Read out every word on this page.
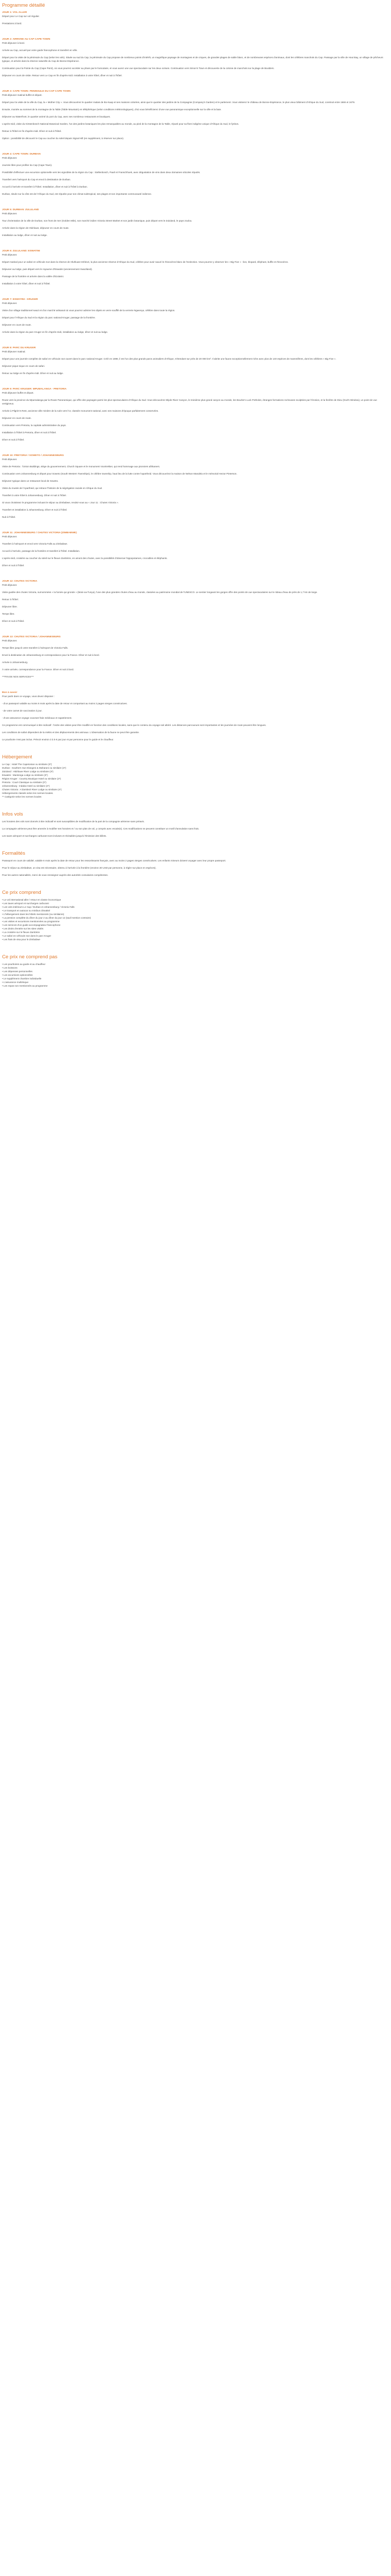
Programme détaillé
JOUR 1: VOL ALLER

Départ pour Le Cap sur vol régulier.

Prestations à bord.

JOUR 2: ARRIVEE AU CAP CAPE TOWN

Petit déjeuner à bord.

Arrivée au Cap, accueil par votre guide francophone et transfert en ville.

Départ pour la visite de la péninsule du Cap (selon les vols). Située au sud du Cap, la péninsule du Cap propose de nombreux points d'intérêt, un magnifique paysage de montagnes et de criques, de grandes plages de sable blanc, et de nombreuses espèces d'animaux, dont les célèbres manchots du Cap. Passage par la ville de Hout Bay, un village de pêcheurs typique, et arrivée dans la réserve naturelle du Cap de Bonne-Espérance.

Continuation pour la Pointe du Cap (Cape Point), où vous pourrez accéder au phare par le funiculaire, et vous aurez une vue spectaculaire sur les deux océans. Continuation vers Simon's Town et découverte de la colonie de manchots sur la plage de Boulders.

Déjeuner en cours de visite. Retour vers Le Cap en fin d'après-midi. Installation à votre hôtel, dîner et nuit à l'hôtel.

JOUR 3: CAPE TOWN: PENINSULE DU CAP CAPE TOWN

Petit déjeuner matinal buffet et départ.

Départ pour la visite de la ville du Cap, la « Mother City ». Vous découvrirez le quartier malais de Bo-Kaap et ses maisons colorées, ainsi que le quartier des jardins de la Compagnie (Company's Garden) et le parlement. Vous visiterez le château de Bonne-Espérance, le plus vieux bâtiment d'Afrique du Sud, construit entre 1666 et 1679.

Ensuite, montée au sommet de la montagne de la Table (Table Mountain) en téléphérique (selon conditions météorologiques), d'où vous bénéficierez d'une vue panoramique exceptionnelle sur la ville et la baie.

Déjeuner au Waterfront, le quartier animé du port du Cap, avec ses nombreux restaurants et boutiques.

L'après-midi, visite du Kirstenbosch National Botanical Garden, l'un des jardins botaniques les plus remarquables au monde, au pied de la montagne de la Table, réputé pour sa flore indigène unique d'Afrique du Sud, le fynbos.

Retour à l'hôtel en fin d'après-midi. Dîner et nuit à l'hôtel.

Option : possibilité de découvrir le Cap au coucher du soleil depuis Signal Hill (en supplément, à réserver sur place).

JOUR 4: CAPE TOWN: DURBAN

Petit déjeuner.

Journée libre pour profiter du Cap (Cape Town).

Possibilité d'effectuer une excursion optionnelle vers les vignobles de la région du Cap : Stellenbosch, Paarl et Franschhoek, avec dégustation de vins dans deux domaines viticoles réputés.

Transfert vers l'aéroport du Cap et envol à destination de Durban.

Accueil à l'arrivée et transfert à l'hôtel. Installation, dîner et nuit à l'hôtel à Durban.

Durban, située sur la côte est de l'Afrique du Sud, est réputée pour son climat subtropical, ses plages et son importante communauté indienne.

JOUR 5: DURBAN: ZULULAND

Petit déjeuner.

Tour d'orientation de la ville de Durban, son front de mer (Golden Mile), son marché indien Victoria Street Market et son jardin botanique, puis départ vers le Zululand, le pays zoulou.

Arrivée dans la région de Hluhluwe, déjeuner en cours de route.

Installation au lodge, dîner et nuit au lodge.

JOUR 6: ZULULAND: ESWATINI

Petit déjeuner.

Départ matinal pour un safari en véhicule 4x4 dans la réserve de Hluhluwe-Imfolozi, la plus ancienne réserve d'Afrique du Sud, célèbre pour avoir sauvé le rhinocéros blanc de l'extinction. Vous pourrez y observer les « Big Five » : lion, léopard, éléphant, buffle et rhinocéros.

Déjeuner au lodge, puis départ vers le royaume d'Eswatini (anciennement Swaziland).

Passage de la frontière et arrivée dans la vallée d'Ezulwini.

Installation à votre hôtel, dîner et nuit à l'hôtel.

JOUR 7: ESWATINI - KRUGER

Petit déjeuner.

Visite d'un village traditionnel swazi et d'un marché artisanal où vous pourrez admirer les objets en verre soufflé de la verrerie Ngwenya, célèbre dans toute la région.

Départ pour l'Afrique du Sud et la région du parc national Kruger, passage de la frontière.

Déjeuner en cours de route.

Arrivée dans la région du parc Kruger en fin d'après-midi, installation au lodge, dîner et nuit au lodge.

JOUR 8: PARC DU KRUGER

Petit déjeuner matinal.

Départ pour une journée complète de safari en véhicule 4x4 ouvert dans le parc national Kruger. Créé en 1898, il est l'un des plus grands parcs animaliers d'Afrique, s'étendant sur près de 20 000 km². Il abrite une faune exceptionnellement riche avec plus de 140 espèces de mammifères, dont les célèbres « Big Five ».

Déjeuner pique-nique en cours de safari.

Retour au lodge en fin d'après-midi. Dîner et nuit au lodge.

JOUR 9: PARC KRUGER: MPUMALANGA - PRETORIA

Petit déjeuner buffet et départ.

Route vers la province du Mpumalanga par la Route Panoramique, qui offre des paysages parmi les plus spectaculaires d'Afrique du Sud. Vous découvrirez Blyde River Canyon, le troisième plus grand canyon au monde, les Bourke's Luck Potholes, étranges formations rocheuses sculptées par l'érosion, et la fenêtre de Dieu (God's Window), un point de vue vertigineux.

Arrivée à Pilgrim's Rest, ancienne ville minière de la ruée vers l'or, classée monument national, avec ses maisons d'époque parfaitement conservées.

Déjeuner en cours de route.

Continuation vers Pretoria, la capitale administrative du pays.

Installation à l'hôtel à Pretoria, dîner et nuit à l'hôtel.

Dîner et nuit à l'hôtel.

JOUR 10: PRETORIA / SOWETO / JOHANNESBURG

Petit déjeuner.

Visite de Pretoria : l'Union Buildings, siège du gouvernement, Church Square et le monument Voortrekker, qui rend hommage aux pionniers afrikaners.

Continuation vers Johannesburg et départ pour Soweto (South Western Townships), le célèbre township, haut lieu de la lutte contre l'apartheid. Vous découvrirez la maison de Nelson Mandela et le mémorial Hector Pieterson.

Déjeuner typique dans un restaurant local de Soweto.

Visite du musée de l'Apartheid, qui retrace l'histoire de la ségrégation raciale en Afrique du Sud.

Transfert à votre hôtel à Johannesburg. Dîner et nuit à l'hôtel.

Si vous choisissez le programme incluant le séjour au Zimbabwe, rendez-vous au « Jour 11 : Chutes Victoria ».

Transfert et installation à Johannesburg. Dîner et nuit à l'hôtel.

Nuit à l'hôtel.

JOUR 11: JOHANNESBURG / CHUTES VICTORIA (ZIMBABWE)

Petit déjeuner.

Transfert à l'aéroport et envol vers Victoria Falls au Zimbabwe.

Accueil à l'arrivée, passage de la frontière et transfert à l'hôtel. Installation.

L'après-midi, croisière au coucher du soleil sur le fleuve Zambèze, en amont des chutes, avec la possibilité d'observer hippopotames, crocodiles et éléphants.

Dîner et nuit à l'hôtel.

JOUR 12: CHUTES VICTORIA

Petit déjeuner.

Visite guidée des chutes Victoria, surnommées « la fumée qui gronde » (Mosi-oa-Tunya), l'une des plus grandes chutes d'eau au monde, classées au patrimoine mondial de l'UNESCO. Le sentier longeant les gorges offre des points de vue spectaculaires sur le rideau d'eau de près de 1,7 km de large.

Retour à l'hôtel.

Déjeuner libre.

Temps libre.

Dîner et nuit à l'hôtel.

JOUR 13: CHUTES VICTORIA / JOHANNESBURG

Petit déjeuner.

Temps libre jusqu'à votre transfert à l'aéroport de Victoria Falls.

Envol à destination de Johannesburg et correspondance pour la France. Dîner et nuit à bord.

Arrivée à Johannesburg.

À votre arrivée, correspondance pour la France. Dîner et nuit à bord.

***FIN DE NOS SERVICES***

Bon à savoir

Pour partir dans ce voyage, vous devez disposer :

- d'un passeport valable au moins 6 mois après la date de retour et comportant au moins 2 pages vierges consécutives.

- de votre carnet de vaccination à jour.

- d'une assurance voyage couvrant frais médicaux et rapatriement.

Ce programme est communiqué à titre indicatif : l'ordre des visites peut être modifié en fonction des conditions locales, sans que le contenu du voyage soit altéré. Les distances parcourues sont importantes et les journées de route peuvent être longues.

Les conditions de safari dépendent de la météo et des déplacements des animaux. L'observation de la faune ne peut être garantie.

Le pourboire n'est pas inclus. Prévoir environ 3 à 5 € par jour et par personne pour le guide et le chauffeur.

Hébergement

Le Cap : Hotel The Capetonian ou similaire (3*)

Durban : Southern Sun Elangeni & Maharani ou similaire (4*)

Zululand : Hluhluwe River Lodge ou similaire (3*)

Eswatini : Mantenga Lodge ou similaire (3*)

Région Kruger : Country Boutique Hotel ou similaire (3*)

Pretoria : Court Classique ou similaire (3*)

Johannesburg : Indaba Hotel ou similaire (4*)

Chutes Victoria : A'Zambezi River Lodge ou similaire (4*)

Hébergements classés selon les normes locales.

** Catégorie selon les normes locales

Infos vols

Les horaires des vols sont donnés à titre indicatif et sont susceptibles de modification de la part de la compagnie aérienne sans préavis.

La compagnie aérienne peut être amenée à modifier ses horaires et / ou son plan de vol, y compris avec escale(s). Ces modifications ne peuvent constituer un motif d'annulation sans frais.

Les taxes aéroport et surcharges carburant sont incluses et révisables jusqu'à l'émission des billets.

Formalités

Passeport en cours de validité, valable 6 mois après la date de retour pour les ressortissants français, avec au moins 2 pages vierges consécutives. Les enfants mineurs doivent voyager avec leur propre passeport.

Pour le séjour au Zimbabwe, un visa est nécessaire, obtenu à l'arrivée à la frontière (environ 30 USD par personne, à régler sur place en espèces).

Pour les autres nationalités, merci de vous renseigner auprès des autorités consulaires compétentes.

Ce prix comprend

• Le vol international aller / retour en classe économique

• Les taxes aéroport et surcharges carburant

• Les vols intérieurs Le Cap / Durban et Johannesburg / Victoria Falls

• Le transport en autocar ou minibus climatisé

• L'hébergement dans les hôtels mentionnés (ou similaires)

• La pension complète du dîner du jour 2 au dîner du jour 12 (sauf mention contraire)

• Les visites et excursions mentionnées au programme

• Les services d'un guide accompagnateur francophone

• Les droits d'entrée sur les sites visités

• La croisière sur le fleuve Zambèze

• Le safari en véhicule 4x4 dans le parc Kruger

• Les frais de visa pour le Zimbabwe

Ce prix ne comprend pas

• Les pourboires au guide et au chauffeur

• Les boissons

• Les dépenses personnelles

• Les excursions optionnelles

• Le supplément chambre individuelle

• L'assurance multirisque

• Les repas non mentionnés au programme
